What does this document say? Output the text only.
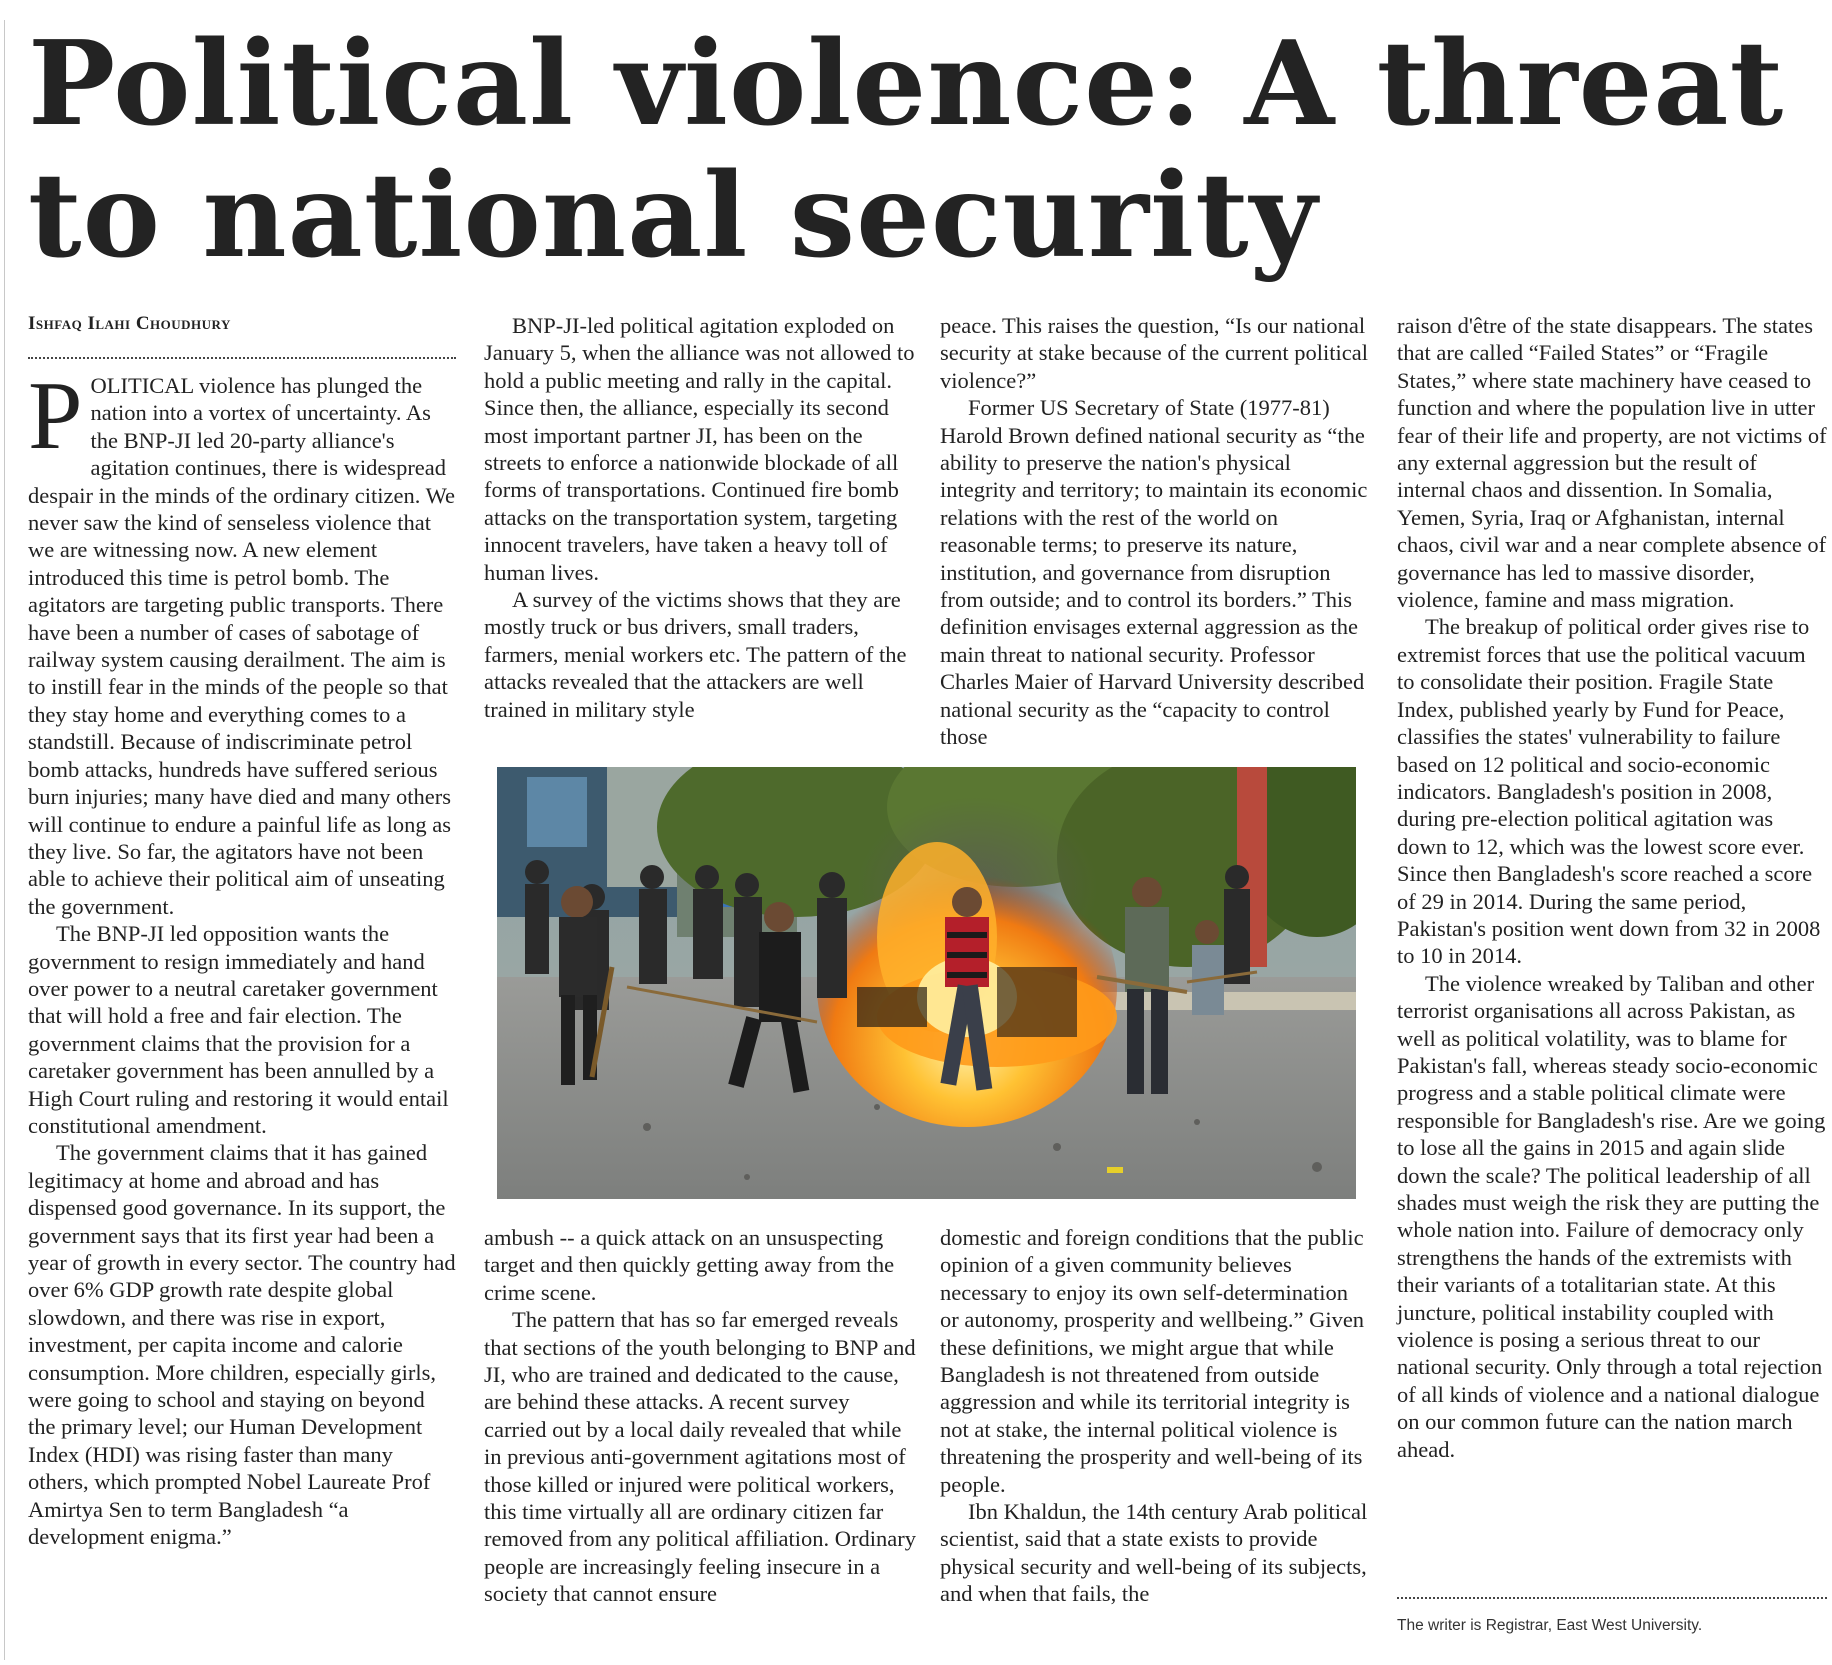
Political violence: A threat
to national security
Ishfaq Ilahi Choudhury

POLITICAL violence has plunged the nation into a vortex of uncertainty. As the BNP-JI led 20-party alliance's agitation continues, there is widespread despair in the minds of the ordinary citizen. We never saw the kind of senseless violence that we are witnessing now. A new element introduced this time is petrol bomb. The agitators are targeting public transports. There have been a number of cases of sabotage of railway system causing derailment. The aim is to instill fear in the minds of the people so that they stay home and everything comes to a standstill. Because of indiscriminate petrol bomb attacks, hundreds have suffered serious burn injuries; many have died and many others will continue to endure a painful life as long as they live. So far, the agitators have not been able to achieve their political aim of unseating the government.

The BNP-JI led opposition wants the government to resign immediately and hand over power to a neutral caretaker government that will hold a free and fair election. The government claims that the provision for a caretaker government has been annulled by a High Court ruling and restoring it would entail constitutional amendment.

The government claims that it has gained legitimacy at home and abroad and has dispensed good governance. In its support, the government says that its first year had been a year of growth in every sector. The country had over 6% GDP growth rate despite global slowdown, and there was rise in export, investment, per capita income and calorie consumption. More children, especially girls, were going to school and staying on beyond the primary level; our Human Development Index (HDI) was rising faster than many others, which prompted Nobel Laureate Prof Amirtya Sen to term Bangladesh “a development enigma.”

BNP-JI-led political agitation exploded on January 5, when the alliance was not allowed to hold a public meeting and rally in the capital. Since then, the alliance, especially its second most important partner JI, has been on the streets to enforce a nationwide blockade of all forms of transportations. Continued fire bomb attacks on the transportation system, targeting innocent travelers, have taken a heavy toll of human lives.

A survey of the victims shows that they are mostly truck or bus drivers, small traders, farmers, menial workers etc. The pattern of the attacks revealed that the attackers are well trained in military style

peace. This raises the question, “Is our national security at stake because of the current political violence?”

Former US Secretary of State (1977-81) Harold Brown defined national security as “the ability to preserve the nation's physical integrity and territory; to maintain its economic relations with the rest of the world on reasonable terms; to preserve its nature, institution, and governance from disruption from outside; and to control its borders.” This definition envisages external aggression as the main threat to national security. Professor Charles Maier of Harvard University described national security as the “capacity to control those

ambush -- a quick attack on an unsuspecting target and then quickly getting away from the crime scene.

The pattern that has so far emerged reveals that sections of the youth belonging to BNP and JI, who are trained and dedicated to the cause, are behind these attacks. A recent survey carried out by a local daily revealed that while in previous anti-government agitations most of those killed or injured were political workers, this time virtually all are ordinary citizen far removed from any political affiliation. Ordinary people are increasingly feeling insecure in a society that cannot ensure

domestic and foreign conditions that the public opinion of a given community believes necessary to enjoy its own self-determination or autonomy, prosperity and wellbeing.” Given these definitions, we might argue that while Bangladesh is not threatened from outside aggression and while its territorial integrity is not at stake, the internal political violence is threatening the prosperity and well-being of its people.

Ibn Khaldun, the 14th century Arab political scientist, said that a state exists to provide physical security and well-being of its subjects, and when that fails, the

raison d'être of the state disappears. The states that are called “Failed States” or “Fragile States,” where state machinery have ceased to function and where the population live in utter fear of their life and property, are not victims of any external aggression but the result of internal chaos and dissention. In Somalia, Yemen, Syria, Iraq or Afghanistan, internal chaos, civil war and a near complete absence of governance has led to massive disorder, violence, famine and mass migration.

The breakup of political order gives rise to extremist forces that use the political vacuum to consolidate their position. Fragile State Index, published yearly by Fund for Peace, classifies the states' vulnerability to failure based on 12 political and socio-economic indicators. Bangladesh's position in 2008, during pre-election political agitation was down to 12, which was the lowest score ever. Since then Bangladesh's score reached a score of 29 in 2014. During the same period, Pakistan's position went down from 32 in 2008 to 10 in 2014.

The violence wreaked by Taliban and other terrorist organisations all across Pakistan, as well as political volatility, was to blame for Pakistan's fall, whereas steady socio-economic progress and a stable political climate were responsible for Bangladesh's rise. Are we going to lose all the gains in 2015 and again slide down the scale? The political leadership of all shades must weigh the risk they are putting the whole nation into. Failure of democracy only strengthens the hands of the extremists with their variants of a totalitarian state. At this juncture, political instability coupled with violence is posing a serious threat to our national security. Only through a total rejection of all kinds of violence and a national dialogue on our common future can the nation march ahead.

The writer is Registrar, East West University.
